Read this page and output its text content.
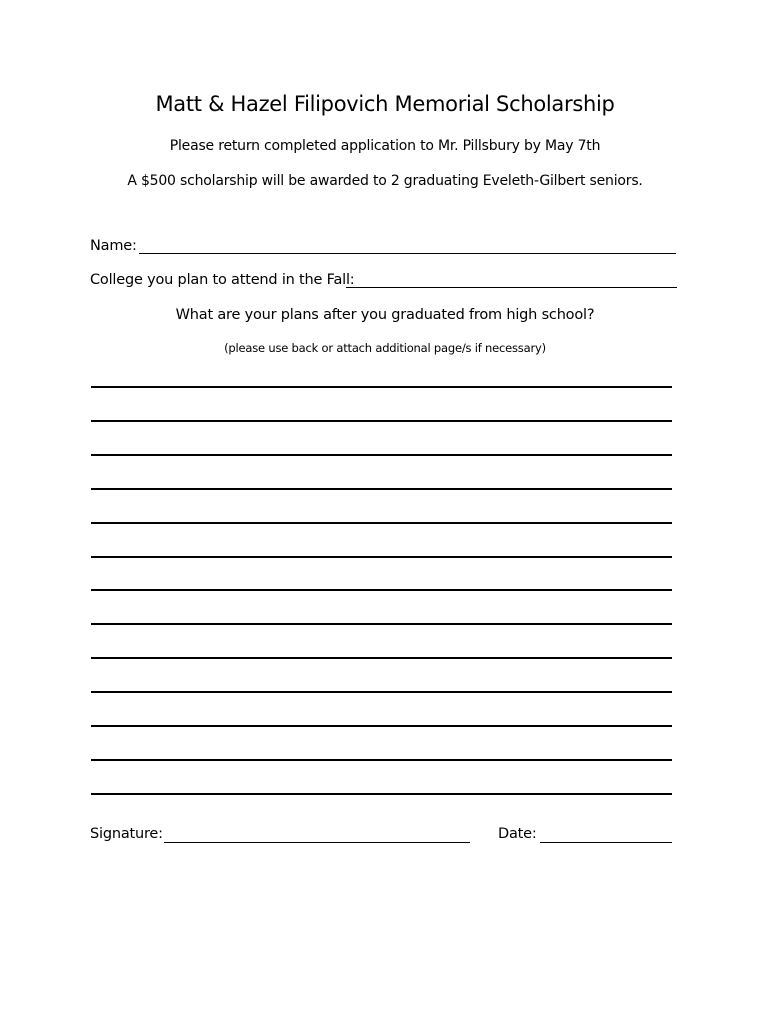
Matt & Hazel Filipovich Memorial Scholarship
Please return completed application to Mr. Pillsbury by May 7th
A $500 scholarship will be awarded to 2 graduating Eveleth-Gilbert seniors.
Name:
College you plan to attend in the Fall:
What are your plans after you graduated from high school?
(please use back or attach additional page/s if necessary)
Signature:	Date:
